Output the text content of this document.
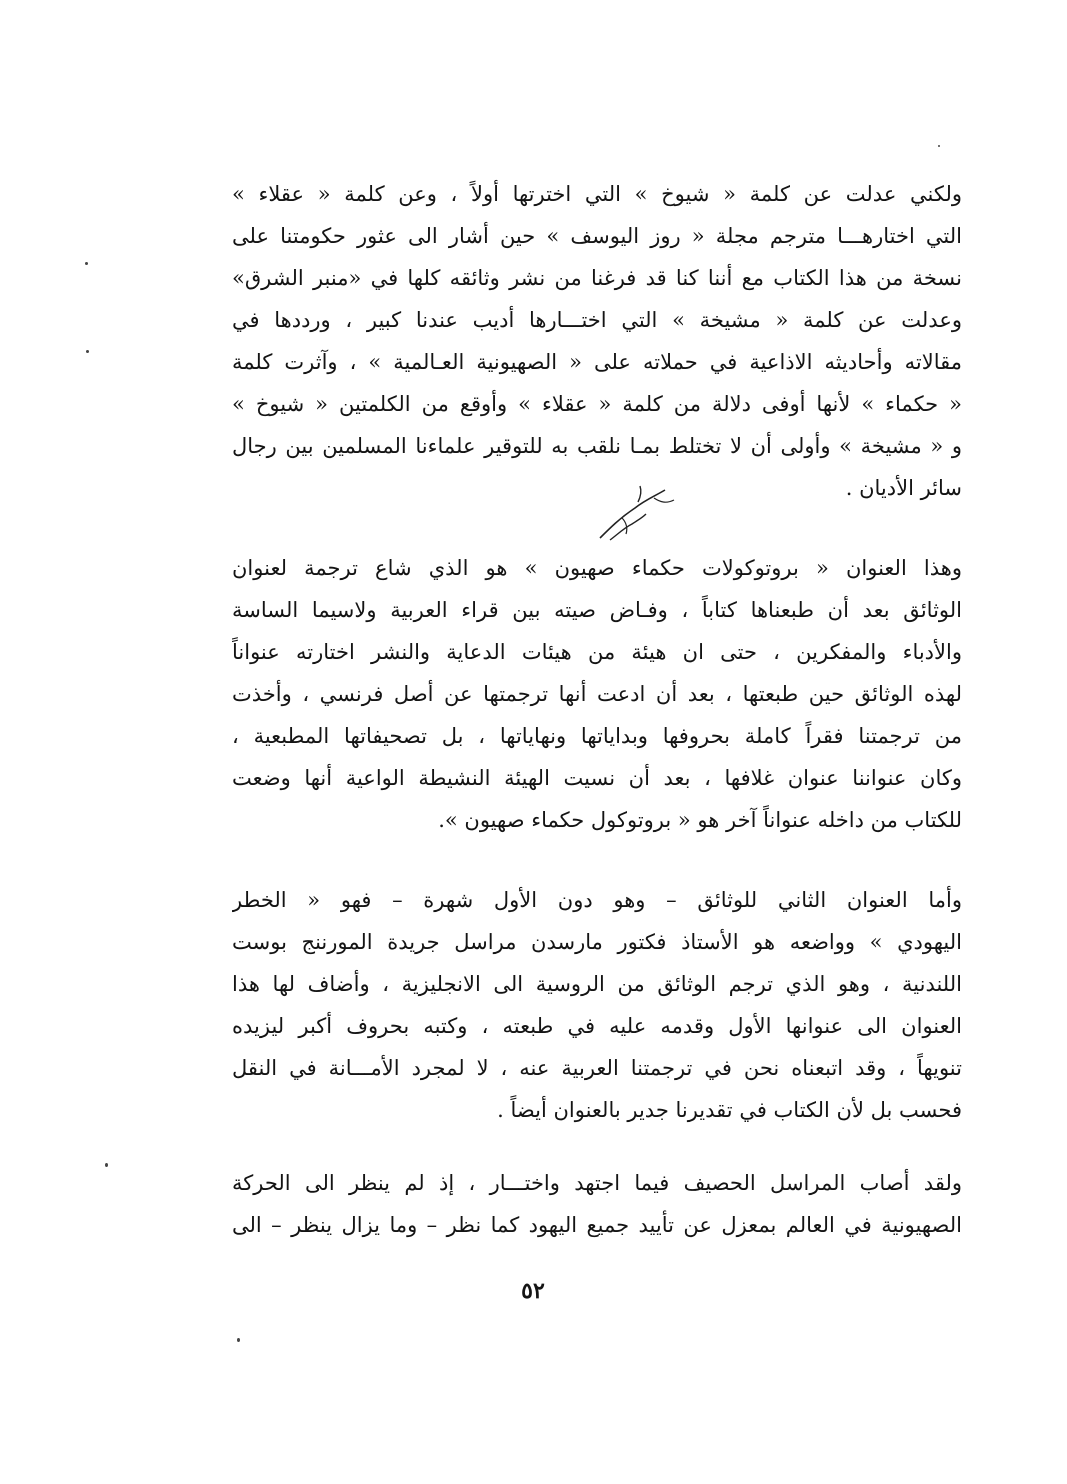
ولكني عدلت عن كلمة « شيوخ » التي اخترتها أولاً ، وعن كلمة « عقلاء »
التي اختارهـــا مترجم مجلة « روز اليوسف » حين أشار الى عثور حكومتنا على
نسخة من هذا الكتاب مع أننا كنا قد فرغنا من نشر وثائقه كلها في «منبر الشرق»
وعدلت عن كلمة « مشيخة » التي اختـــارها أديب عندنا كبير ، ورددها في
مقالاته وأحاديثه الاذاعية في حملاته على « الصهيونية العـالمية » ، وآثرت كلمة
« حكماء » لأنها أوفى دلالة من كلمة « عقلاء » وأوقع من الكلمتين « شيوخ »
و « مشيخة » وأولى أن لا تختلط بمـا نلقب به للتوقير علماءنا المسلمين بين رجال
سائر الأديان .
وهذا العنوان « بروتوكولات حكماء صهيون » هو الذي شاع ترجمة لعنوان
الوثائق بعد أن طبعناها كتاباً ، وفـاض صيته بين قراء العربية ولاسيما الساسة
والأدباء والمفكرين ، حتى ان هيئة من هيئات الدعاية والنشر اختارته عنواناً
لهذه الوثائق حين طبعتها ، بعد أن ادعت أنها ترجمتها عن أصل فرنسي ، وأخذت
من ترجمتنا فقراً كاملة بحروفها وبداياتها ونهاياتها ، بل تصحيفاتها المطبعية ،
وكان عنواننا عنوان غلافها ، بعد أن نسيت الهيئة النشيطة الواعية أنها وضعت
للكتاب من داخله عنواناً آخر هو « بروتوكول حكماء صهيون ».
وأما العنوان الثاني للوثائق – وهو دون الأول شهرة – فهو « الخطر
اليهودي » وواضعه هو الأستاذ فكتور مارسدن مراسل جريدة المورننج بوست
اللندنية ، وهو الذي ترجم الوثائق من الروسية الى الانجليزية ، وأضاف لها هذا
العنوان الى عنوانها الأول وقدمه عليه في طبعته ، وكتبه بحروف أكبر ليزيده
تنويهاً ، وقد اتبعناه نحن في ترجمتنا العربية عنه ، لا لمجرد الأمـــانة في النقل
فحسب بل لأن الكتاب في تقديرنا جدير بالعنوان أيضاً .
ولقد أصاب المراسل الحصيف فيما اجتهد واختـــار ، إذ لم ينظر الى الحركة
الصهيونية في العالم بمعزل عن تأييد جميع اليهود كما نظر – وما يزال ينظر – الى
٥٢
